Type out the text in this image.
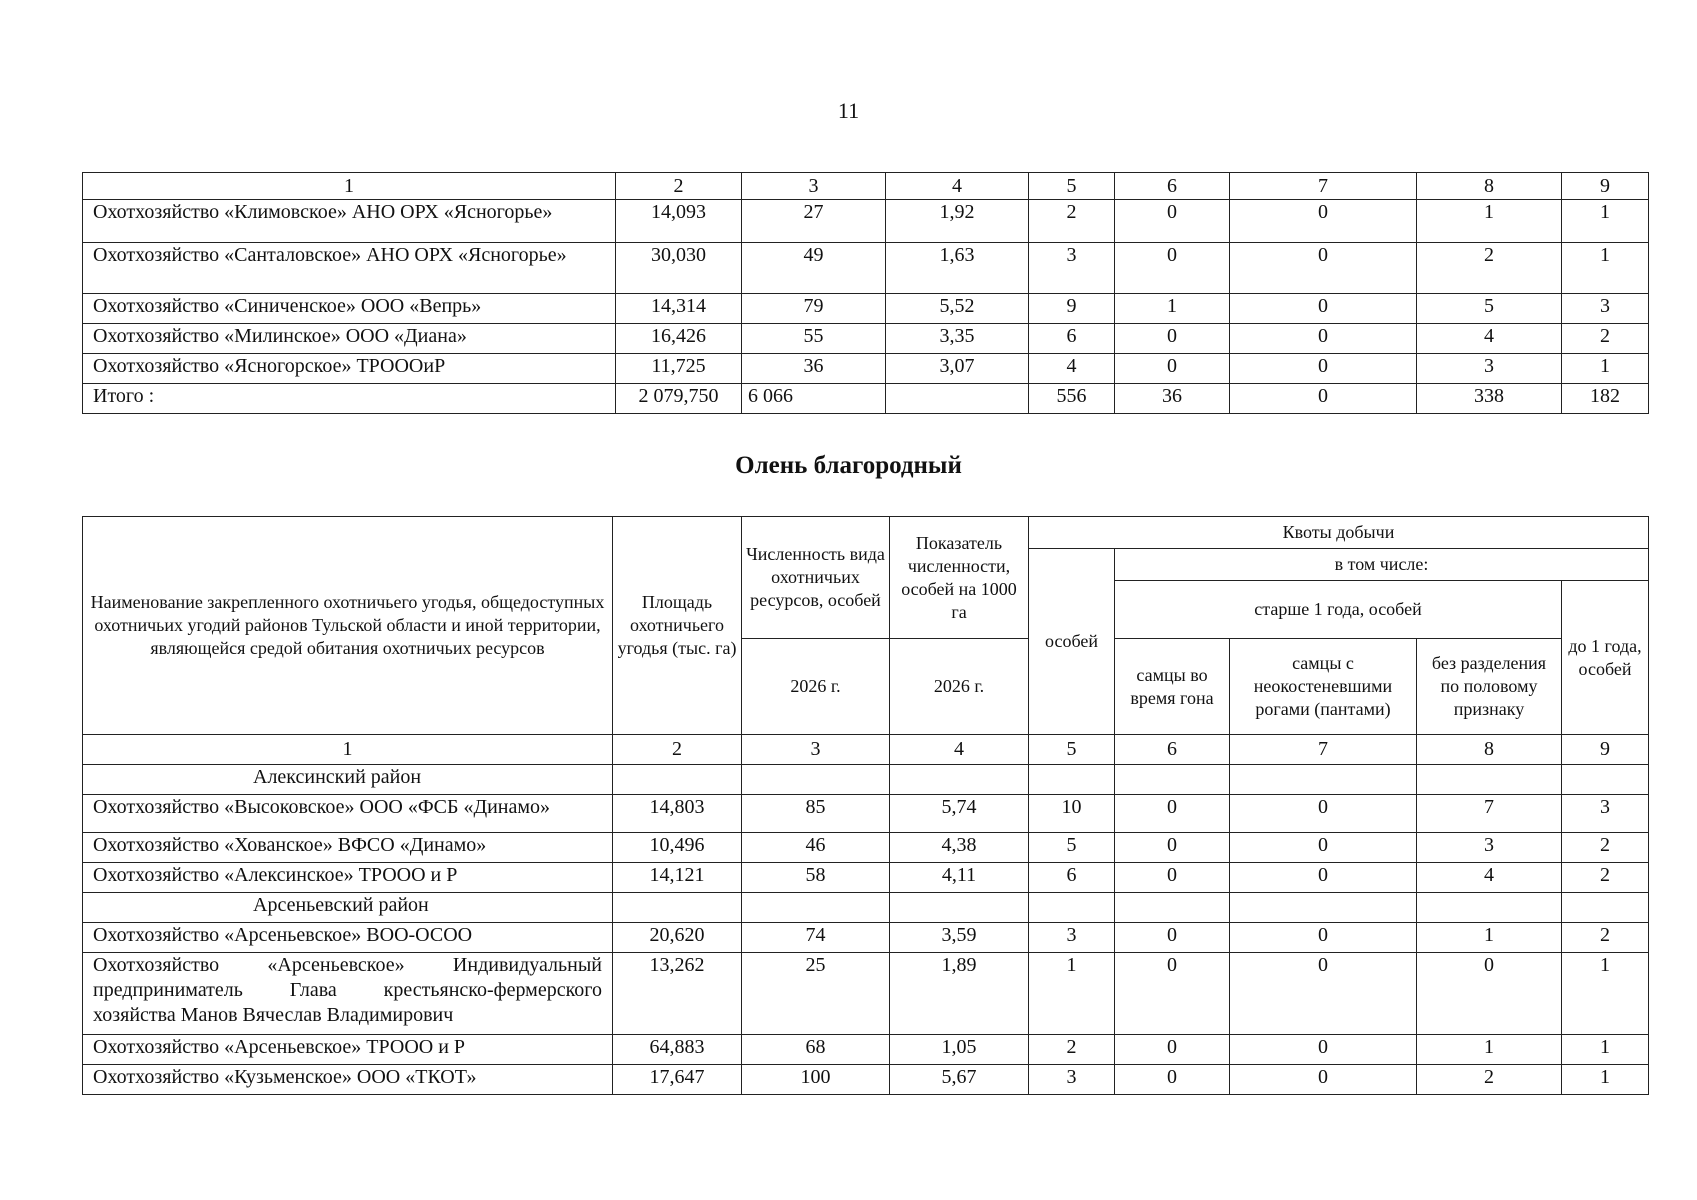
11
1	2	3	4	5	6	7	8	9
Охотхозяйство «Климовское» АНО ОРХ «Ясногорье»	14,093	27	1,92	2	0	0	1	1
Охотхозяйство «Санталовское» АНО ОРХ «Ясногорье»	30,030	49	1,63	3	0	0	2	1
Охотхозяйство «Синиченское» ООО «Вепрь»	14,314	79	5,52	9	1	0	5	3
Охотхозяйство «Милинское» ООО «Диана»	16,426	55	3,35	6	0	0	4	2
Охотхозяйство «Ясногорское» ТРОООиР	11,725	36	3,07	4	0	0	3	1
Итого :	2 079,750	6 066		556	36	0	338	182
Олень благородный
Наименование закрепленного охотничьего угодья, общедоступных охотничьих угодий районов Тульской области и иной территории, являющейся средой обитания охотничьих ресурсов	Площадь охотничьего угодья (тыс. га)	Численность вида охотничьих ресурсов, особей	Показатель численности, особей на 1000 га	Квоты добычи				
				особей	в том числе:			
					старше 1 года, особей			до 1 года, особей
		2026 г.	2026 г.		самцы во время гона	самцы с неокостеневшими рогами (пантами)	без разделения по половому признаку	
1	2	3	4	5	6	7	8	9
Алексинский район								
Охотхозяйство «Высоковское» ООО «ФСБ «Динамо»	14,803	85	5,74	10	0	0	7	3
Охотхозяйство «Хованское» ВФСО «Динамо»	10,496	46	4,38	5	0	0	3	2
Охотхозяйство «Алексинское» ТРООО и Р	14,121	58	4,11	6	0	0	4	2
Арсеньевский район								
Охотхозяйство «Арсеньевское» ВОО-ОСОО	20,620	74	3,59	3	0	0	1	2
Охотхозяйство «Арсеньевское» Индивидуальный предприниматель Глава крестьянско-фермерского хозяйства Манов Вячеслав Владимирович	13,262	25	1,89	1	0	0	0	1
Охотхозяйство «Арсеньевское» ТРООО и Р	64,883	68	1,05	2	0	0	1	1
Охотхозяйство «Кузьменское» ООО «ТКОТ»	17,647	100	5,67	3	0	0	2	1
